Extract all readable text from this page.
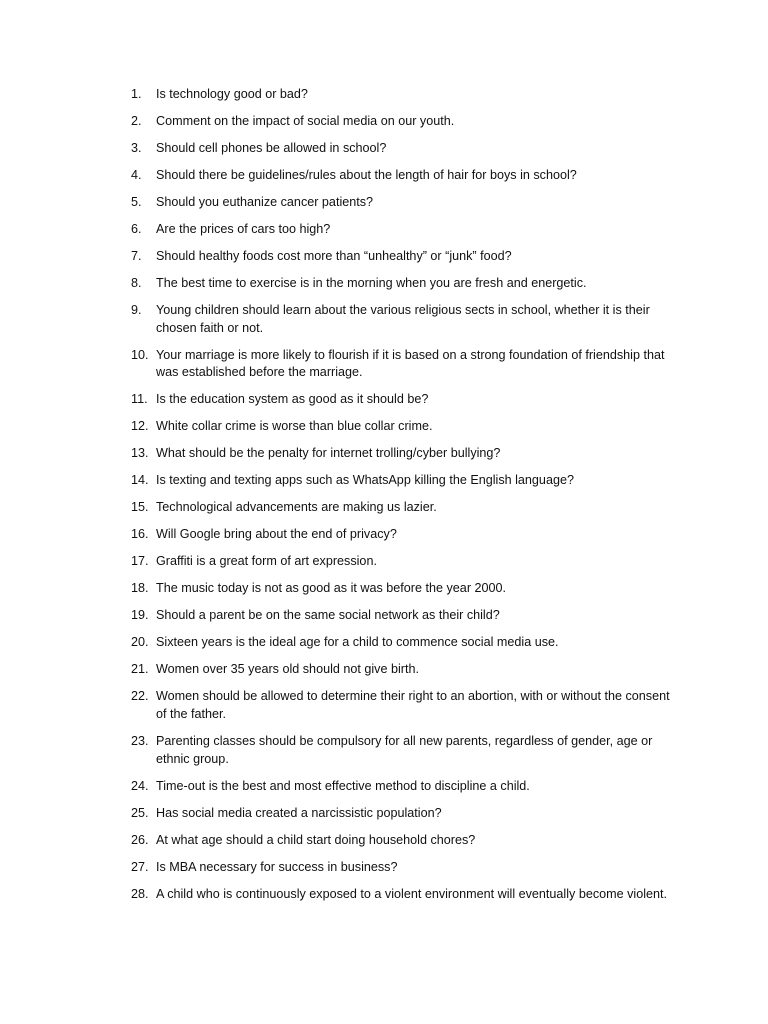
1.	Is technology good or bad?
2.	Comment on the impact of social media on our youth.
3.	Should cell phones be allowed in school?
4.	Should there be guidelines/rules about the length of hair for boys in school?
5.	Should you euthanize cancer patients?
6.	Are the prices of cars too high?
7.	Should healthy foods cost more than “unhealthy” or “junk” food?
8.	The best time to exercise is in the morning when you are fresh and energetic.
9.	Young children should learn about the various religious sects in school, whether it is their chosen faith or not.
10. Your marriage is more likely to flourish if it is based on a strong foundation of friendship that was established before the marriage.
11. Is the education system as good as it should be?
12. White collar crime is worse than blue collar crime.
13. What should be the penalty for internet trolling/cyber bullying?
14. Is texting and texting apps such as WhatsApp killing the English language?
15. Technological advancements are making us lazier.
16. Will Google bring about the end of privacy?
17. Graffiti is a great form of art expression.
18. The music today is not as good as it was before the year 2000.
19. Should a parent be on the same social network as their child?
20. Sixteen years is the ideal age for a child to commence social media use.
21. Women over 35 years old should not give birth.
22. Women should be allowed to determine their right to an abortion, with or without the consent of the father.
23. Parenting classes should be compulsory for all new parents, regardless of gender, age or ethnic group.
24. Time-out is the best and most effective method to discipline a child.
25. Has social media created a narcissistic population?
26. At what age should a child start doing household chores?
27. Is MBA necessary for success in business?
28. A child who is continuously exposed to a violent environment will eventually become violent.
